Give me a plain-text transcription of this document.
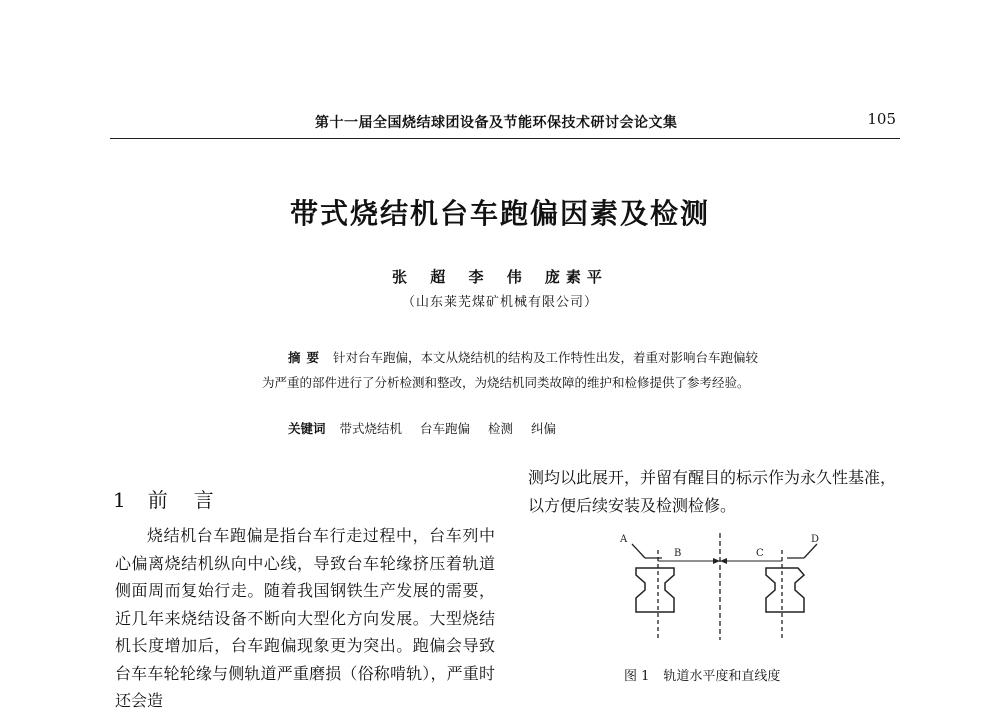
第十一届全国烧结球团设备及节能环保技术研讨会论文集	105
带式烧结机台车跑偏因素及检测
张 超 李 伟 庞素平
（山东莱芜煤矿机械有限公司）
摘要 针对台车跑偏，本文从烧结机的结构及工作特性出发，着重对影响台车跑偏较为严重的部件进行了分析检测和整改，为烧结机同类故障的维护和检修提供了参考经验。
关键词 带式烧结机 台车跑偏 检测 纠偏
1 前言

烧结机台车跑偏是指台车行走过程中，台车列中心偏离烧结机纵向中心线，导致台车轮缘挤压着轨道侧面周而复始行走。随着我国钢铁生产发展的需要，近几年来烧结设备不断向大型化方向发展。大型烧结机长度增加后，台车跑偏现象更为突出。跑偏会导致台车车轮轮缘与侧轨道严重磨损（俗称啃轨），严重时还会造

测均以此展开，并留有醒目的标示作为永久性基准，以方便后续安装及检测检修。
A
B	C
D
图 1 轨道水平度和直线度
